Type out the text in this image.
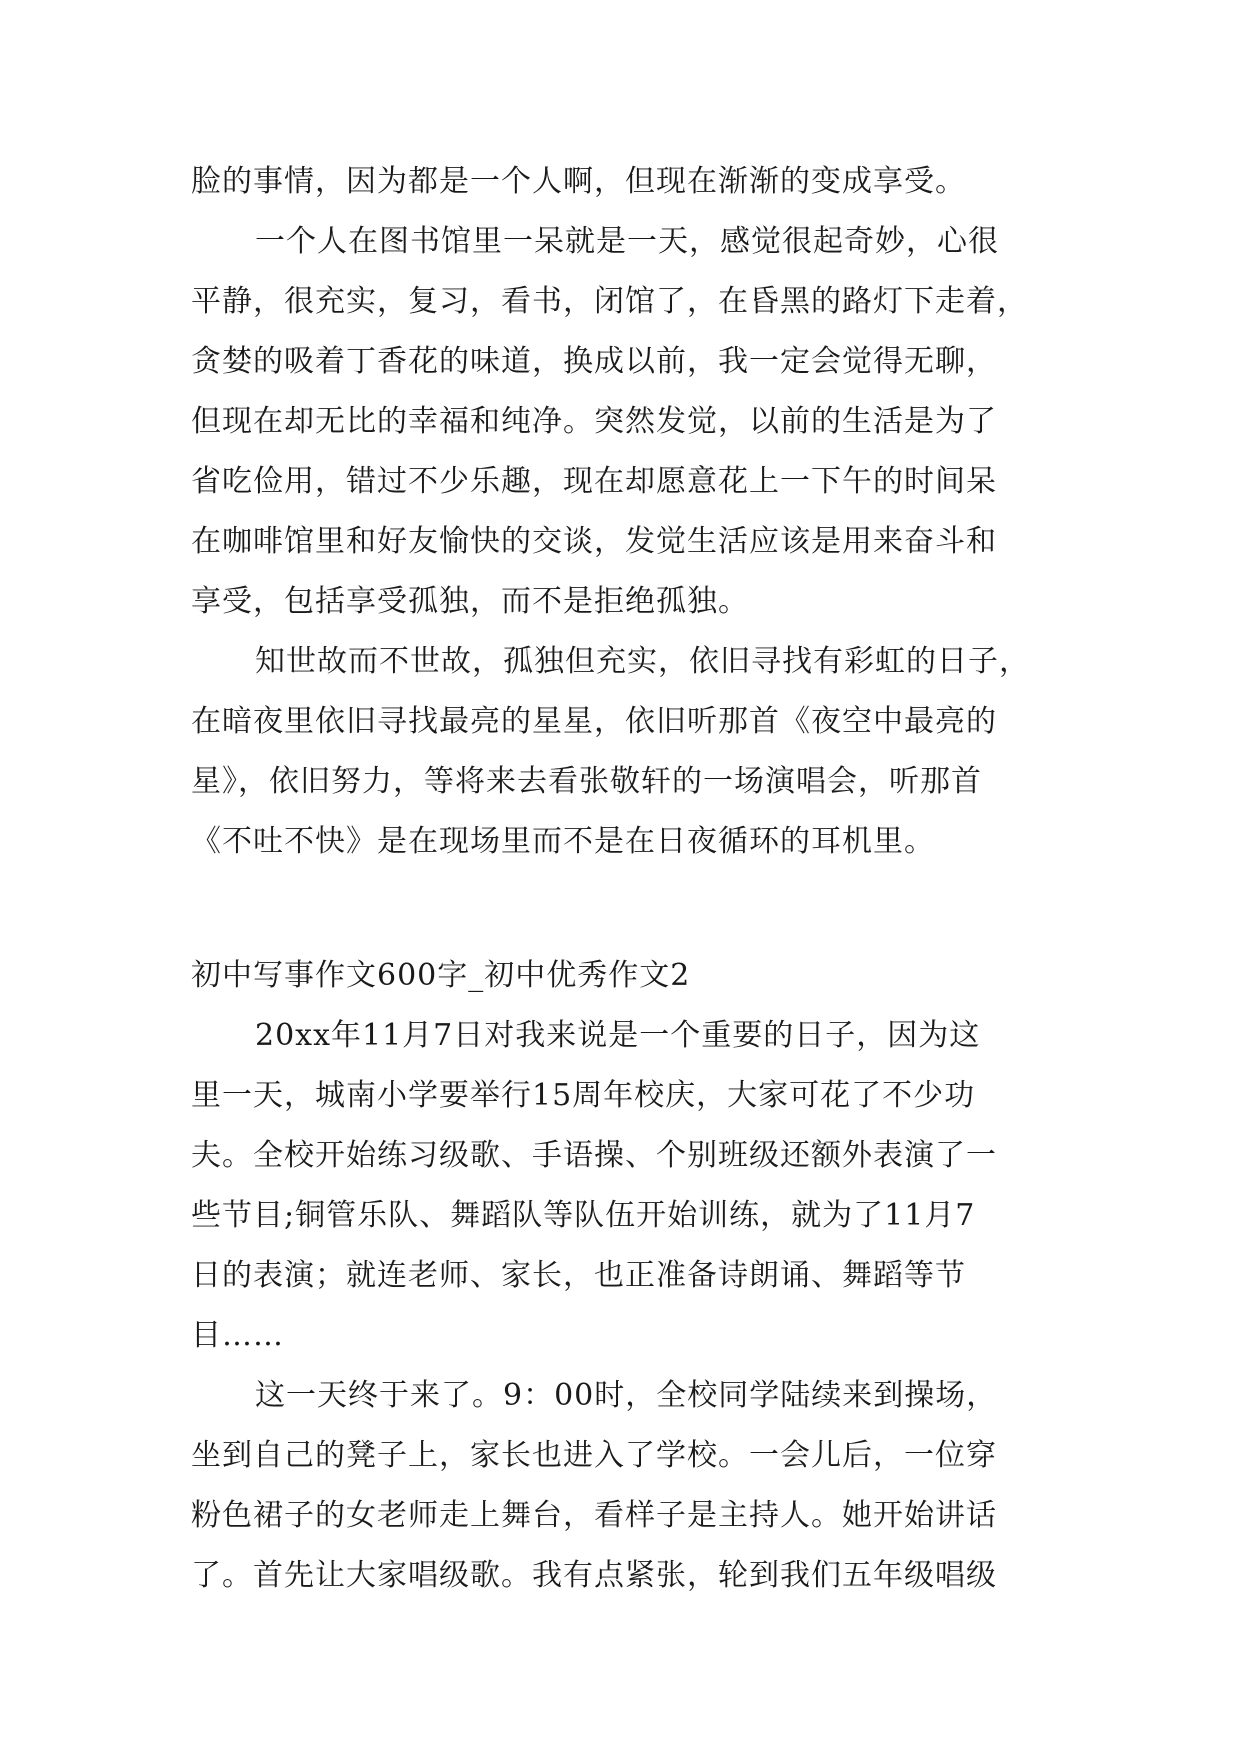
脸的事情，因为都是一个人啊，但现在渐渐的变成享受。
一个人在图书馆里一呆就是一天，感觉很起奇妙，心很
平静，很充实，复习，看书，闭馆了，在昏黑的路灯下走着，
贪婪的吸着丁香花的味道，换成以前，我一定会觉得无聊，
但现在却无比的幸福和纯净。突然发觉，以前的生活是为了
省吃俭用，错过不少乐趣，现在却愿意花上一下午的时间呆
在咖啡馆里和好友愉快的交谈，发觉生活应该是用来奋斗和
享受，包括享受孤独，而不是拒绝孤独。
知世故而不世故，孤独但充实，依旧寻找有彩虹的日子，
在暗夜里依旧寻找最亮的星星，依旧听那首《夜空中最亮的
星》，依旧努力，等将来去看张敬轩的一场演唱会，听那首
《不吐不快》是在现场里而不是在日夜循环的耳机里。
初中写事作文600字_初中优秀作文2
20xx年11月7日对我来说是一个重要的日子，因为这
里一天，城南小学要举行15周年校庆，大家可花了不少功
夫。全校开始练习级歌、手语操、个别班级还额外表演了一
些节目;铜管乐队、舞蹈队等队伍开始训练，就为了11月7
日的表演；就连老师、家长，也正准备诗朗诵、舞蹈等节
目……
这一天终于来了。9：00时，全校同学陆续来到操场，
坐到自己的凳子上，家长也进入了学校。一会儿后，一位穿
粉色裙子的女老师走上舞台，看样子是主持人。她开始讲话
了。首先让大家唱级歌。我有点紧张，轮到我们五年级唱级
